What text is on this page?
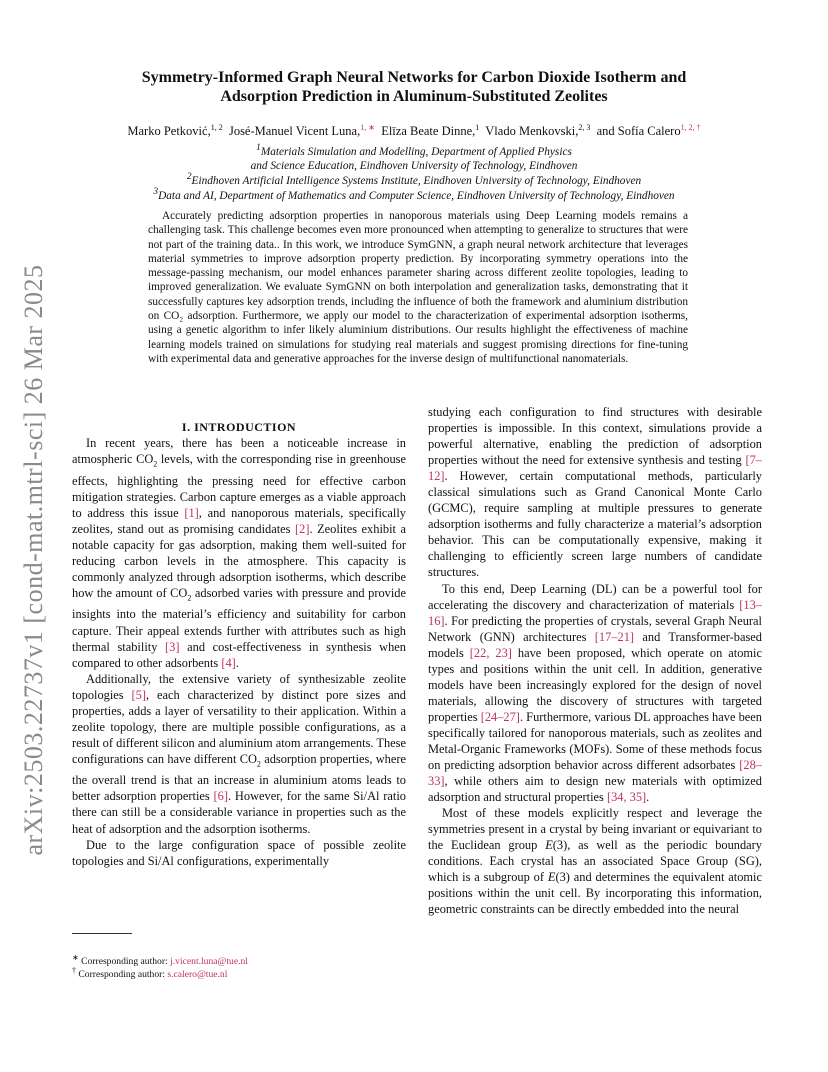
arXiv:2503.22737v1 [cond-mat.mtrl-sci] 26 Mar 2025
Symmetry-Informed Graph Neural Networks for Carbon Dioxide Isotherm and
Adsorption Prediction in Aluminum-Substituted Zeolites
Marko Petković,$^{1, 2}$ José-Manuel Vicent Luna,$^{1, ∗}$ Elīza Beate Dinne,$^1$ Vlado Menkovski,$^{2, 3}$ and Sofía Calero$^{1, 2, \dagger}$
$^1$Materials Simulation and Modelling, Department of Applied Physics
and Science Education, Eindhoven University of Technology, Eindhoven
$^2$Eindhoven Artificial Intelligence Systems Institute, Eindhoven University of Technology, Eindhoven
$^3$Data and AI, Department of Mathematics and Computer Science, Eindhoven University of Technology, Eindhoven

Accurately predicting adsorption properties in nanoporous materials using Deep Learning models remains a challenging task. This challenge becomes even more pronounced when attempting to generalize to structures that were not part of the training data.. In this work, we introduce SymGNN, a graph neural network architecture that leverages material symmetries to improve adsorption property prediction. By incorporating symmetry operations into the message-passing mechanism, our model enhances parameter sharing across different zeolite topologies, leading to improved generalization. We evaluate SymGNN on both interpolation and generalization tasks, demonstrating that it successfully captures key adsorption trends, including the influence of both the framework and aluminium distribution on CO₂ adsorption. Furthermore, we apply our model to the characterization of experimental adsorption isotherms, using a genetic algorithm to infer likely aluminium distributions. Our results highlight the effectiveness of machine learning models trained on simulations for studying real materials and suggest promising directions for fine-tuning with experimental data and generative approaches for the inverse design of multifunctional nanomaterials.

I. INTRODUCTION

In recent years, there has been a noticeable increase in atmospheric $CO_2$ levels, with the corresponding rise in greenhouse effects, highlighting the pressing need for effective carbon mitigation strategies. Carbon capture emerges as a viable approach to address this issue [1], and nanoporous materials, specifically zeolites, stand out as promising candidates [2]. Zeolites exhibit a notable capacity for gas adsorption, making them well-suited for reducing carbon levels in the atmosphere. This capacity is commonly analyzed through adsorption isotherms, which describe how the amount of $CO_2$ adsorbed varies with pressure and provide insights into the material’s efficiency and suitability for carbon capture. Their appeal extends further with attributes such as high thermal stability [3] and cost-effectiveness in synthesis when compared to other adsorbents [4].

Additionally, the extensive variety of synthesizable zeolite topologies [5], each characterized by distinct pore sizes and properties, adds a layer of versatility to their application. Within a zeolite topology, there are multiple possible configurations, as a result of different silicon and aluminium atom arrangements. These configurations can have different $CO_2$ adsorption properties, where the overall trend is that an increase in aluminium atoms leads to better adsorption properties [6]. However, for the same Si/Al ratio there can still be a considerable variance in properties such as the heat of adsorption and the adsorption isotherms.

Due to the large configuration space of possible zeolite topologies and Si/Al configurations, experimentally

studying each configuration to find structures with desirable properties is impossible. In this context, simulations provide a powerful alternative, enabling the prediction of adsorption properties without the need for extensive synthesis and testing [7–12]. However, certain computational methods, particularly classical simulations such as Grand Canonical Monte Carlo (GCMC), require sampling at multiple pressures to generate adsorption isotherms and fully characterize a material’s adsorption behavior. This can be computationally expensive, making it challenging to efficiently screen large numbers of candidate structures.

To this end, Deep Learning (DL) can be a powerful tool for accelerating the discovery and characterization of materials [13–16]. For predicting the properties of crystals, several Graph Neural Network (GNN) architectures [17–21] and Transformer-based models [22, 23] have been proposed, which operate on atomic types and positions within the unit cell. In addition, generative models have been increasingly explored for the design of novel materials, allowing the discovery of structures with targeted properties [24–27]. Furthermore, various DL approaches have been specifically tailored for nanoporous materials, such as zeolites and Metal-Organic Frameworks (MOFs). Some of these methods focus on predicting adsorption behavior across different adsorbates [28–33], while others aim to design new materials with optimized adsorption and structural properties [34, 35].

Most of these models explicitly respect and leverage the symmetries present in a crystal by being invariant or equivariant to the Euclidean group E(3), as well as the periodic boundary conditions. Each crystal has an associated Space Group (SG), which is a subgroup of E(3) and determines the equivalent atomic positions within the unit cell. By incorporating this information, geometric constraints can be directly embedded into the neural

∗ Corresponding author: j.vicent.luna@tue.nl
† Corresponding author: s.calero@tue.nl
